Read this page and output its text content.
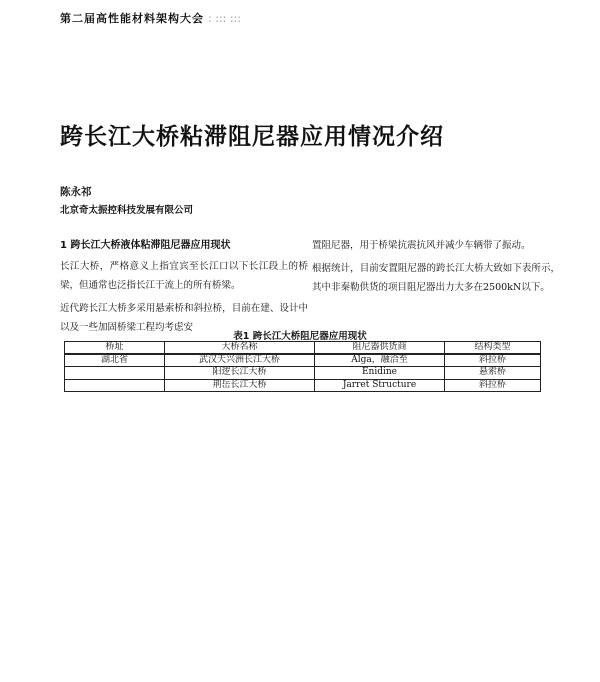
第二届高性能材料架构大会 : ::: :::
跨长江大桥粘滞阻尼器应用情况介绍
陈永祁
北京奇太振控科技发展有限公司
1 跨长江大桥液体粘滞阻尼器应用现状

长江大桥，严格意义上指宜宾至长江口以下长江段上的桥梁，但通常也泛指长江干流上的所有桥梁。

近代跨长江大桥多采用悬索桥和斜拉桥，目前在建、设计中以及一些加固桥梁工程均考虑安

置阻尼器，用于桥梁抗震抗风并减少车辆带了振动。

根据统计，目前安置阻尼器的跨长江大桥大致如下表所示，其中非秦勒供货的项目阻尼器出力大多在2500kN以下。

表1 跨长江大桥阻尼器应用现状
桥址	大桥名称	阻尼器供货商	结构类型
湖北省	武汉天兴洲长江大桥	Alga，融洽至	斜拉桥
	阳逻长江大桥	Enidine	悬索桥
	荆岳长江大桥	Jarret Structure	斜拉桥
